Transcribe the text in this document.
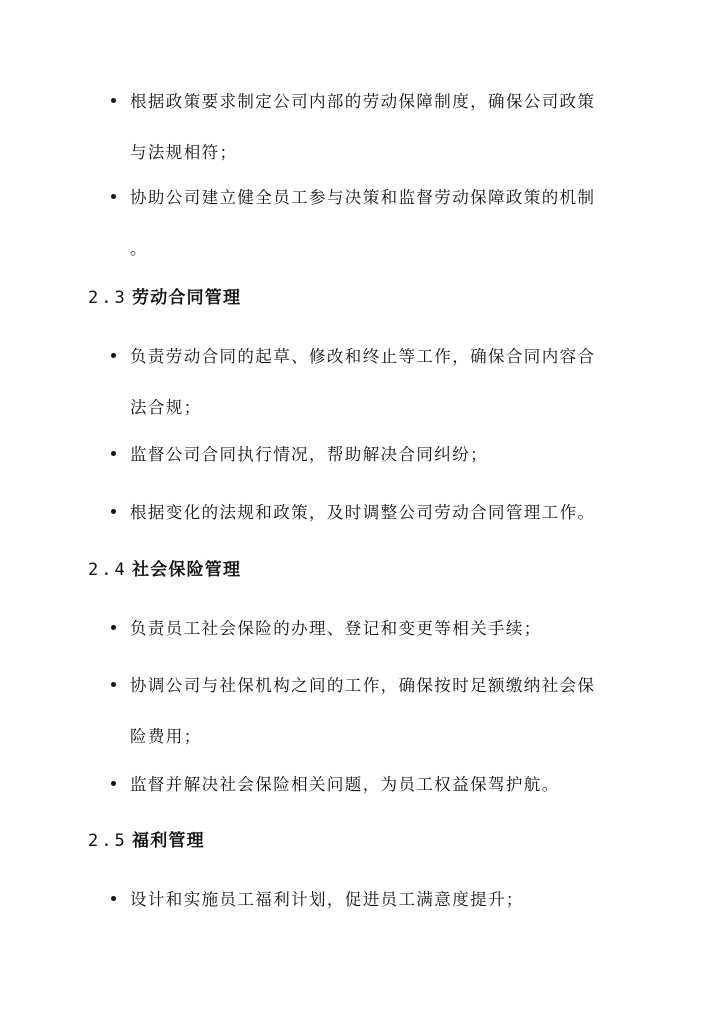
根据政策要求制定公司内部的劳动保障制度，确保公司政策
与法规相符；
协助公司建立健全员工参与决策和监督劳动保障政策的机制
。
2.3 劳动合同管理
负责劳动合同的起草、修改和终止等工作，确保合同内容合
法合规；
监督公司合同执行情况，帮助解决合同纠纷；
根据变化的法规和政策，及时调整公司劳动合同管理工作。
2.4 社会保险管理
负责员工社会保险的办理、登记和变更等相关手续；
协调公司与社保机构之间的工作，确保按时足额缴纳社会保
险费用；
监督并解决社会保险相关问题，为员工权益保驾护航。
2.5 福利管理
设计和实施员工福利计划，促进员工满意度提升；
